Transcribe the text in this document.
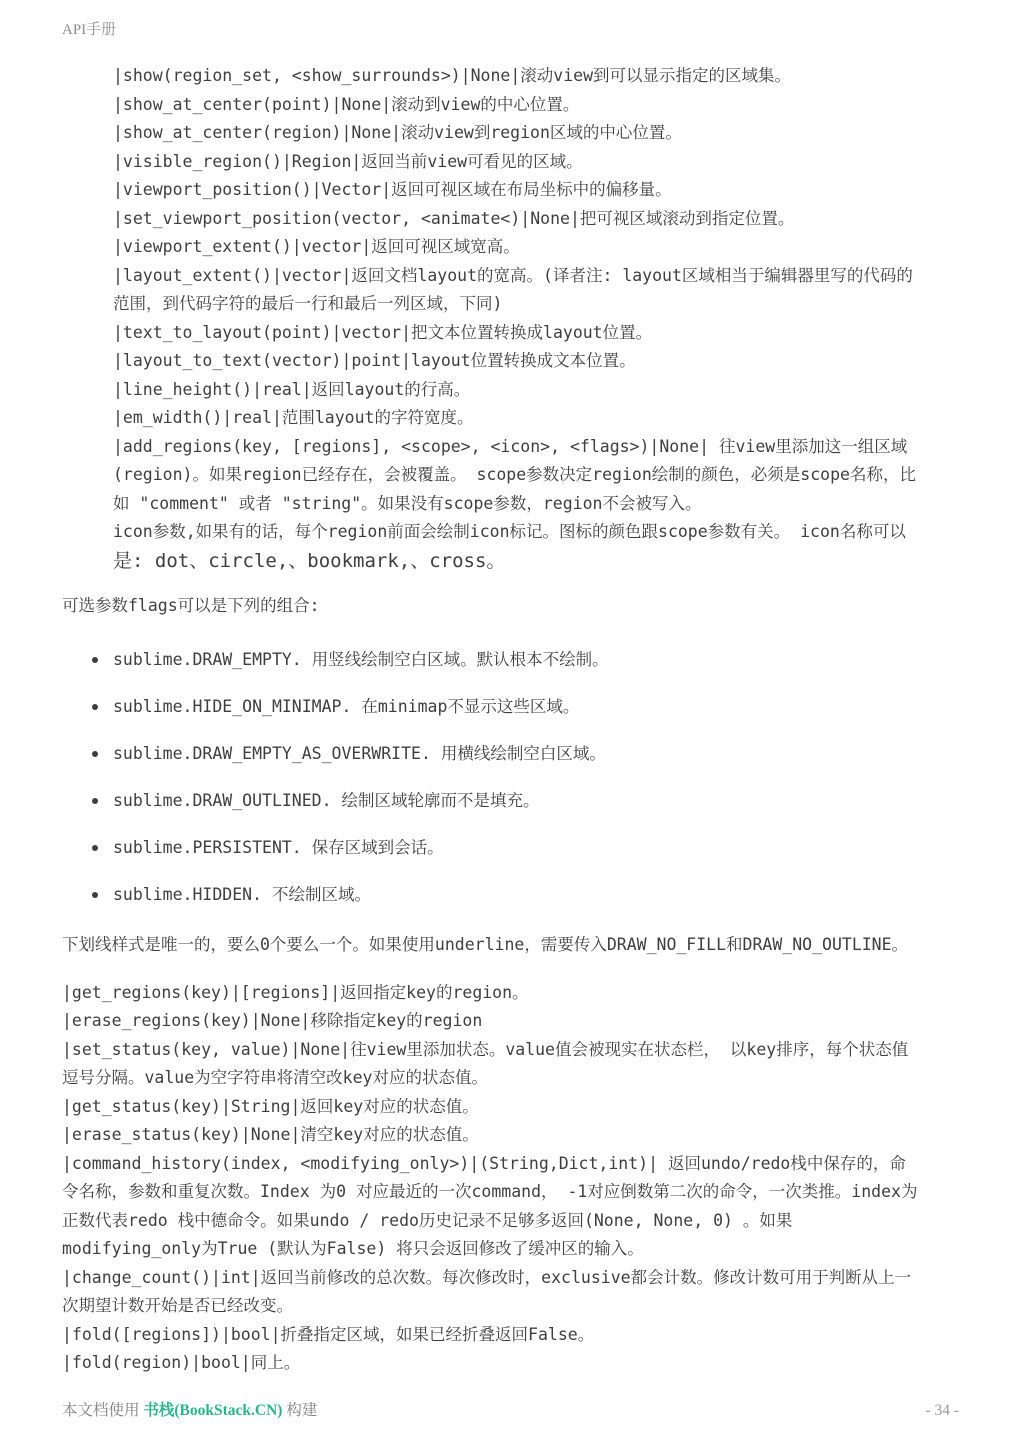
API手册
|show(region_set, <show_surrounds>)|None|滚动view到可以显示指定的区域集。
|show_at_center(point)|None|滚动到view的中心位置。
|show_at_center(region)|None|滚动view到region区域的中心位置。
|visible_region()|Region|返回当前view可看见的区域。
|viewport_position()|Vector|返回可视区域在布局坐标中的偏移量。
|set_viewport_position(vector, <animate<)|None|把可视区域滚动到指定位置。
|viewport_extent()|vector|返回可视区域宽高。
|layout_extent()|vector|返回文档layout的宽高。(译者注: layout区域相当于编辑器里写的代码的
范围，到代码字符的最后一行和最后一列区域，下同)
|text_to_layout(point)|vector|把文本位置转换成layout位置。
|layout_to_text(vector)|point|layout位置转换成文本位置。
|line_height()|real|返回layout的行高。
|em_width()|real|范围layout的字符宽度。
|add_regions(key, [regions], <scope>, <icon>, <flags>)|None| 往view里添加这一组区域
(region)。如果region已经存在，会被覆盖。 scope参数决定region绘制的颜色，必须是scope名称，比
如 "comment" 或者 "string"。如果没有scope参数，region不会被写入。
icon参数,如果有的话，每个region前面会绘制icon标记。图标的颜色跟scope参数有关。 icon名称可以
是: dot、circle,、bookmark,、cross。
可选参数flags可以是下列的组合:
sublime.DRAW_EMPTY. 用竖线绘制空白区域。默认根本不绘制。
sublime.HIDE_ON_MINIMAP. 在minimap不显示这些区域。
sublime.DRAW_EMPTY_AS_OVERWRITE. 用横线绘制空白区域。
sublime.DRAW_OUTLINED. 绘制区域轮廓而不是填充。
sublime.PERSISTENT. 保存区域到会话。
sublime.HIDDEN. 不绘制区域。
下划线样式是唯一的，要么0个要么一个。如果使用underline，需要传入DRAW_NO_FILL和DRAW_NO_OUTLINE。
|get_regions(key)|[regions]|返回指定key的region。
|erase_regions(key)|None|移除指定key的region
|set_status(key, value)|None|往view里添加状态。value值会被现实在状态栏， 以key排序，每个状态值
逗号分隔。value为空字符串将清空改key对应的状态值。
|get_status(key)|String|返回key对应的状态值。
|erase_status(key)|None|清空key对应的状态值。
|command_history(index, <modifying_only>)|(String,Dict,int)| 返回undo/redo栈中保存的，命
令名称，参数和重复次数。Index 为0 对应最近的一次command， -1对应倒数第二次的命令，一次类推。index为
正数代表redo 栈中德命令。如果undo / redo历史记录不足够多返回(None, None, 0) 。如果
modifying_only为True (默认为False) 将只会返回修改了缓冲区的输入。
|change_count()|int|返回当前修改的总次数。每次修改时，exclusive都会计数。修改计数可用于判断从上一
次期望计数开始是否已经改变。
|fold([regions])|bool|折叠指定区域，如果已经折叠返回False。
|fold(region)|bool|同上。
本文档使用 书栈(BookStack.CN) 构建	- 34 -
